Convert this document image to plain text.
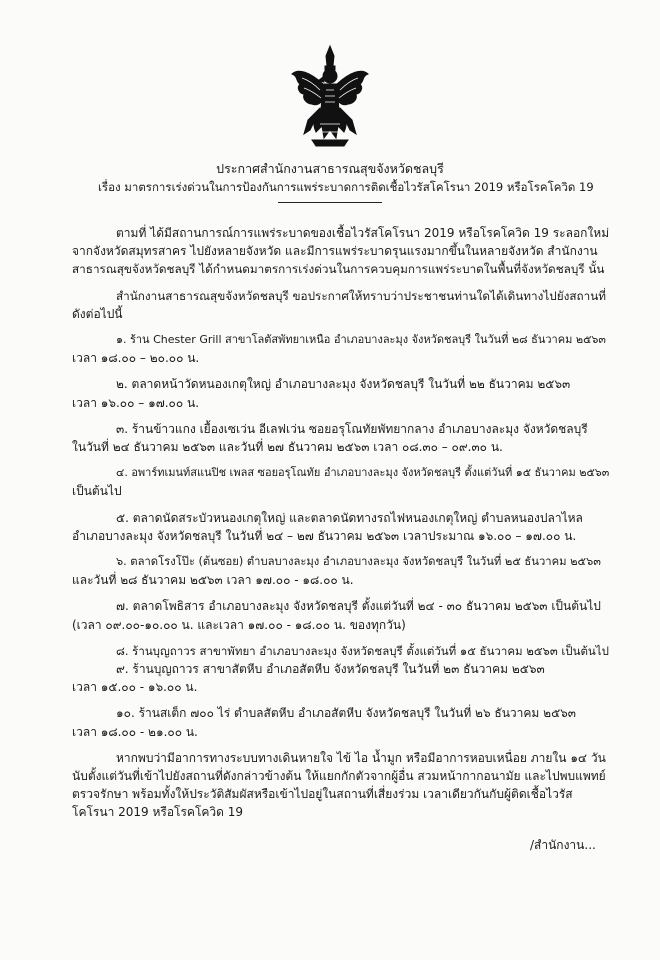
ประกาศสำนักงานสาธารณสุขจังหวัดชลบุรี
เรื่อง มาตรการเร่งด่วนในการป้องกันการแพร่ระบาดการติดเชื้อไวรัสโคโรนา 2019 หรือโรคโควิด 19

ตามที่ ได้มีสถานการณ์การแพร่ระบาดของเชื้อไวรัสโคโรนา 2019 หรือโรคโควิด 19 ระลอกใหม่
จากจังหวัดสมุทรสาคร ไปยังหลายจังหวัด และมีการแพร่ระบาดรุนแรงมากขึ้นในหลายจังหวัด สำนักงาน
สาธารณสุขจังหวัดชลบุรี ได้กำหนดมาตรการเร่งด่วนในการควบคุมการแพร่ระบาดในพื้นที่จังหวัดชลบุรี นั้น

สำนักงานสาธารณสุขจังหวัดชลบุรี ขอประกาศให้ทราบว่าประชาชนท่านใดได้เดินทางไปยังสถานที่
ดังต่อไปนี้

๑. ร้าน Chester Grill สาขาโลตัสพัทยาเหนือ อำเภอบางละมุง จังหวัดชลบุรี ในวันที่ ๒๘ ธันวาคม ๒๕๖๓
เวลา ๑๘.๐๐ – ๒๐.๐๐ น.

๒. ตลาดหน้าวัดหนองเกตุใหญ่ อำเภอบางละมุง จังหวัดชลบุรี ในวันที่ ๒๒ ธันวาคม ๒๕๖๓
เวลา ๑๖.๐๐ – ๑๗.๐๐ น.

๓. ร้านข้าวแกง เยื้องเซเว่น อีเลฟเว่น ซอยอรุโณทัยพัทยากลาง อำเภอบางละมุง จังหวัดชลบุรี
ในวันที่ ๒๔ ธันวาคม ๒๕๖๓ และวันที่ ๒๗ ธันวาคม ๒๕๖๓ เวลา ๐๘.๓๐ – ๐๙.๓๐ น.

๔. อพาร์ทเมนท์สแนปิช เพลส ซอยอรุโณทัย อำเภอบางละมุง จังหวัดชลบุรี ตั้งแต่วันที่ ๑๕ ธันวาคม ๒๕๖๓
เป็นต้นไป

๕. ตลาดนัดสระบัวหนองเกตุใหญ่ และตลาดนัดทางรถไฟหนองเกตุใหญ่ ตำบลหนองปลาไหล
อำเภอบางละมุง จังหวัดชลบุรี ในวันที่ ๒๔ – ๒๗ ธันวาคม ๒๕๖๓ เวลาประมาณ ๑๖.๐๐ – ๑๗.๐๐ น.

๖. ตลาดโรงโป๊ะ (ต้นซอย) ตำบลบางละมุง อำเภอบางละมุง จังหวัดชลบุรี ในวันที่ ๒๕ ธันวาคม ๒๕๖๓
และวันที่ ๒๘ ธันวาคม ๒๕๖๓ เวลา ๑๗.๐๐ - ๑๘.๐๐ น.

๗. ตลาดโพธิสาร อำเภอบางละมุง จังหวัดชลบุรี ตั้งแต่วันที่ ๒๔ - ๓๐ ธันวาคม ๒๕๖๓ เป็นต้นไป
(เวลา ๐๙.๐๐-๑๐.๐๐ น. และเวลา ๑๗.๐๐ - ๑๘.๐๐ น. ของทุกวัน)

๘. ร้านบุญถาวร สาขาพัทยา อำเภอบางละมุง จังหวัดชลบุรี ตั้งแต่วันที่ ๑๕ ธันวาคม ๒๕๖๓ เป็นต้นไป

๙. ร้านบุญถาวร สาขาสัตหีบ อำเภอสัตหีบ จังหวัดชลบุรี ในวันที่ ๒๓ ธันวาคม ๒๕๖๓
เวลา ๑๕.๐๐ - ๑๖.๐๐ น.

๑๐. ร้านสเต็ก ๗๐๐ ไร่ ตำบลสัตหีบ อำเภอสัตหีบ จังหวัดชลบุรี ในวันที่ ๒๖ ธันวาคม ๒๕๖๓
เวลา ๑๘.๐๐ - ๒๑.๐๐ น.

หากพบว่ามีอาการทางระบบทางเดินหายใจ ไข้ ไอ น้ำมูก หรือมีอาการหอบเหนื่อย ภายใน ๑๔ วัน
นับตั้งแต่วันที่เข้าไปยังสถานที่ดังกล่าวข้างต้น ให้แยกกักตัวจากผู้อื่น สวมหน้ากากอนามัย และไปพบแพทย์
ตรวจรักษา พร้อมทั้งให้ประวัติสัมผัสหรือเข้าไปอยู่ในสถานที่เสี่ยงร่วม เวลาเดียวกันกับผู้ติดเชื้อไวรัส
โคโรนา 2019 หรือโรคโควิด 19

/สำนักงาน...
